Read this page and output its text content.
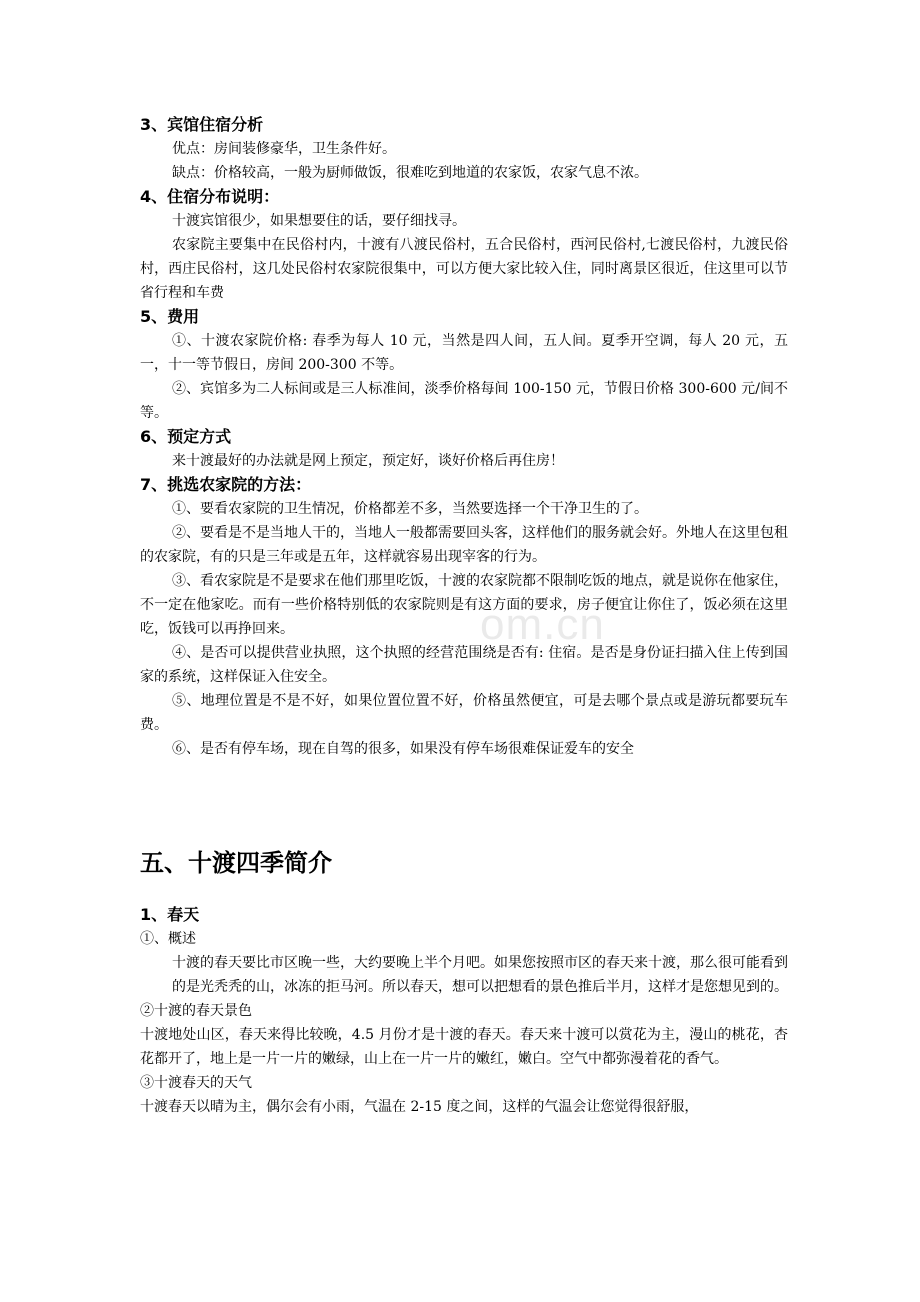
3、宾馆住宿分析
优点：房间装修豪华，卫生条件好。
缺点：价格较高，一般为厨师做饭，很难吃到地道的农家饭，农家气息不浓。
4、住宿分布说明：
十渡宾馆很少，如果想要住的话，要仔细找寻。
农家院主要集中在民俗村内，十渡有八渡民俗村，五合民俗村，西河民俗村,七渡民俗村，九渡民俗村，西庄民俗村，这几处民俗村农家院很集中，可以方便大家比较入住，同时离景区很近，住这里可以节省行程和车费
5、费用
①、十渡农家院价格: 春季为每人 10 元，当然是四人间，五人间。夏季开空调，每人 20 元，五一，十一等节假日，房间 200-300 不等。
②、宾馆多为二人标间或是三人标准间，淡季价格每间 100-150 元，节假日价格 300-600 元/间不等。
6、预定方式
来十渡最好的办法就是网上预定，预定好，谈好价格后再住房！
7、挑选农家院的方法：
①、要看农家院的卫生情况，价格都差不多，当然要选择一个干净卫生的了。
②、要看是不是当地人干的，当地人一般都需要回头客，这样他们的服务就会好。外地人在这里包租的农家院，有的只是三年或是五年，这样就容易出现宰客的行为。
③、看农家院是不是要求在他们那里吃饭，十渡的农家院都不限制吃饭的地点，就是说你在他家住，不一定在他家吃。而有一些价格特别低的农家院则是有这方面的要求，房子便宜让你住了，饭必须在这里吃，饭钱可以再挣回来。
④、是否可以提供营业执照，这个执照的经营范围绕是否有: 住宿。是否是身份证扫描入住上传到国家的系统，这样保证入住安全。
⑤、地理位置是不是不好，如果位置位置不好，价格虽然便宜，可是去哪个景点或是游玩都要玩车费。
⑥、是否有停车场，现在自驾的很多，如果没有停车场很难保证爱车的安全
五、十渡四季简介
1、春天
①、概述
十渡的春天要比市区晚一些，大约要晚上半个月吧。如果您按照市区的春天来十渡，那么很可能看到的是光秃秃的山，冰冻的拒马河。所以春天，想可以把想看的景色推后半月，这样才是您想见到的。
②十渡的春天景色
十渡地处山区，春天来得比较晚，4.5 月份才是十渡的春天。春天来十渡可以赏花为主，漫山的桃花，杏花都开了，地上是一片一片的嫩绿，山上在一片一片的嫩红，嫩白。空气中都弥漫着花的香气。
③十渡春天的天气
十渡春天以晴为主，偶尔会有小雨，气温在 2-15 度之间，这样的气温会让您觉得很舒服，
om.cn
